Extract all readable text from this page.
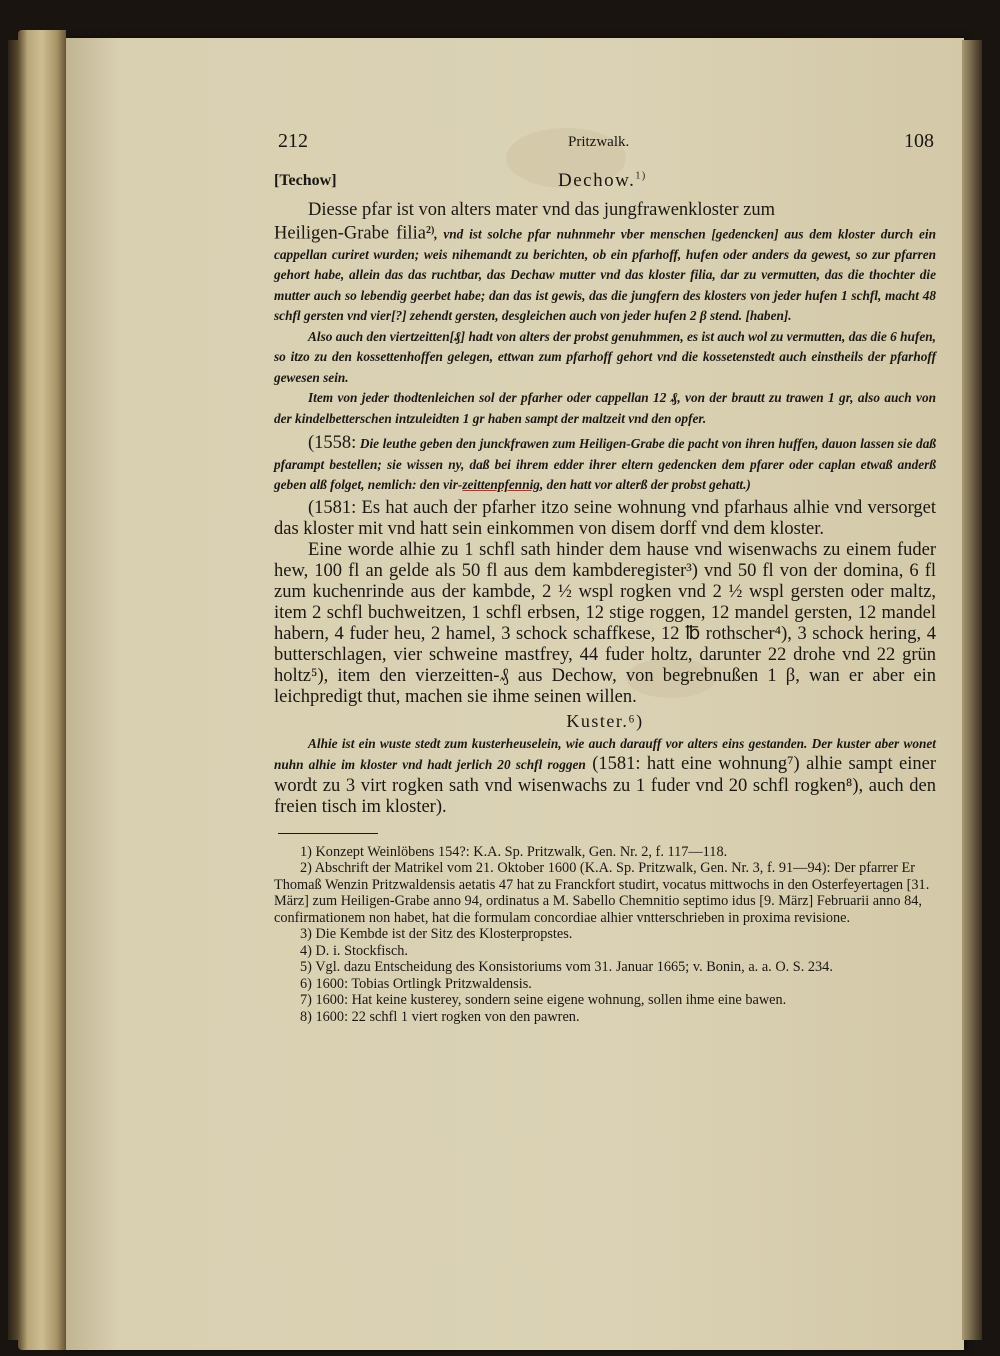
212	Pritzwalk.	108
[Techow]	Dechow.$^{1)}$

Diesse pfar ist von alters mater vnd das jungfrawenkloster zum

Heiligen-Grabe filia$^{2)}$, vnd ist solche pfar nuhnmehr vber menschen [gedencken] aus dem kloster durch ein cappellan curiret wurden; weis nihemandt zu berichten, ob ein pfarhoff, hufen oder anders da gewest, so zur pfarren gehort habe, allein das das ruchtbar, das Dechaw mutter vnd das kloster filia, dar zu vermutten, das die thochter die mutter auch so lebendig geerbet habe; dan das ist gewis, das die jungfern des klosters von jeder hufen 1 schfl, macht 48 schfl gersten vnd vier[?] zehendt gersten, desgleichen auch von jeder hufen 2 β stend. [haben].

Also auch den viertzeitten[₰] hadt von alters der probst genuhmmen, es ist auch wol zu vermutten, das die 6 hufen, so itzo zu den kossettenhoffen gelegen, ettwan zum pfarhoff gehort vnd die kossetenstedt auch einstheils der pfarhoff gewesen sein.

Item von jeder thodtenleichen sol der pfarher oder cappellan 12 ₰, von der brautt zu trawen 1 gr, also auch von der kindelbetterschen intzuleidten 1 gr haben sampt der maltzeit vnd den opfer.

(1558: Die leuthe geben den junckfrawen zum Heiligen-Grabe die pacht von ihren huffen, dauon lassen sie daß pfarampt bestellen; sie wissen ny, daß bei ihrem edder ihrer eltern gedencken dem pfarer oder caplan etwaß anderß geben alß folget, nemlich: den vir-zeittenpfennig, den hatt vor alterß der probst gehatt.)

(1581: Es hat auch der pfarher itzo seine wohnung vnd pfarhaus alhie vnd versorget das kloster mit vnd hatt sein einkommen von disem dorff vnd dem kloster.

Eine worde alhie zu 1 schfl sath hinder dem hause vnd wisenwachs zu einem fuder hew, 100 fl an gelde als 50 fl aus dem kambderegister³) vnd 50 fl von der domina, 6 fl zum kuchenrinde aus der kambde, 2 ½ wspl rogken vnd 2 ½ wspl gersten oder maltz, item 2 schfl buchweitzen, 1 schfl erbsen, 12 stige roggen, 12 mandel gersten, 12 mandel habern, 4 fuder heu, 2 hamel, 3 schock schaffkese, 12 ℔ rothscher⁴), 3 schock hering, 4 butterschlagen, vier schweine mastfrey, 44 fuder holtz, darunter 22 drohe vnd 22 grün holtz⁵), item den vierzeitten-₰ aus Dechow, von begrebnußen 1 β, wan er aber ein leichpredigt thut, machen sie ihme seinen willen.

Kuster.⁶)

Alhie ist ein wuste stedt zum kusterheuselein, wie auch darauff vor alters eins gestanden. Der kuster aber wonet nuhn alhie im kloster vnd hadt jerlich 20 schfl roggen (1581: hatt eine wohnung⁷) alhie sampt einer wordt zu 3 virt rogken sath vnd wisenwachs zu 1 fuder vnd 20 schfl rogken⁸), auch den freien tisch im kloster).

1) Konzept Weinlöbens 154?: K.A. Sp. Pritzwalk, Gen. Nr. 2, f. 117—118.

2) Abschrift der Matrikel vom 21. Oktober 1600 (K.A. Sp. Pritzwalk, Gen. Nr. 3, f. 91—94): Der pfarrer Er Thomaß Wenzin Pritzwaldensis aetatis 47 hat zu Franckfort studirt, vocatus mittwochs in den Osterfeyertagen [31. März] zum Heiligen-Grabe anno 94, ordinatus a M. Sabello Chemnitio septimo idus [9. März] Februarii anno 84, confirmationem non habet, hat die formulam concordiae alhier vntterschrieben in proxima revisione.

3) Die Kembde ist der Sitz des Klosterpropstes.

4) D. i. Stockfisch.

5) Vgl. dazu Entscheidung des Konsistoriums vom 31. Januar 1665; v. Bonin, a. a. O. S. 234.

6) 1600: Tobias Ortlingk Pritzwaldensis.

7) 1600: Hat keine kusterey, sondern seine eigene wohnung, sollen ihme eine bawen.

8) 1600: 22 schfl 1 viert rogken von den pawren.
